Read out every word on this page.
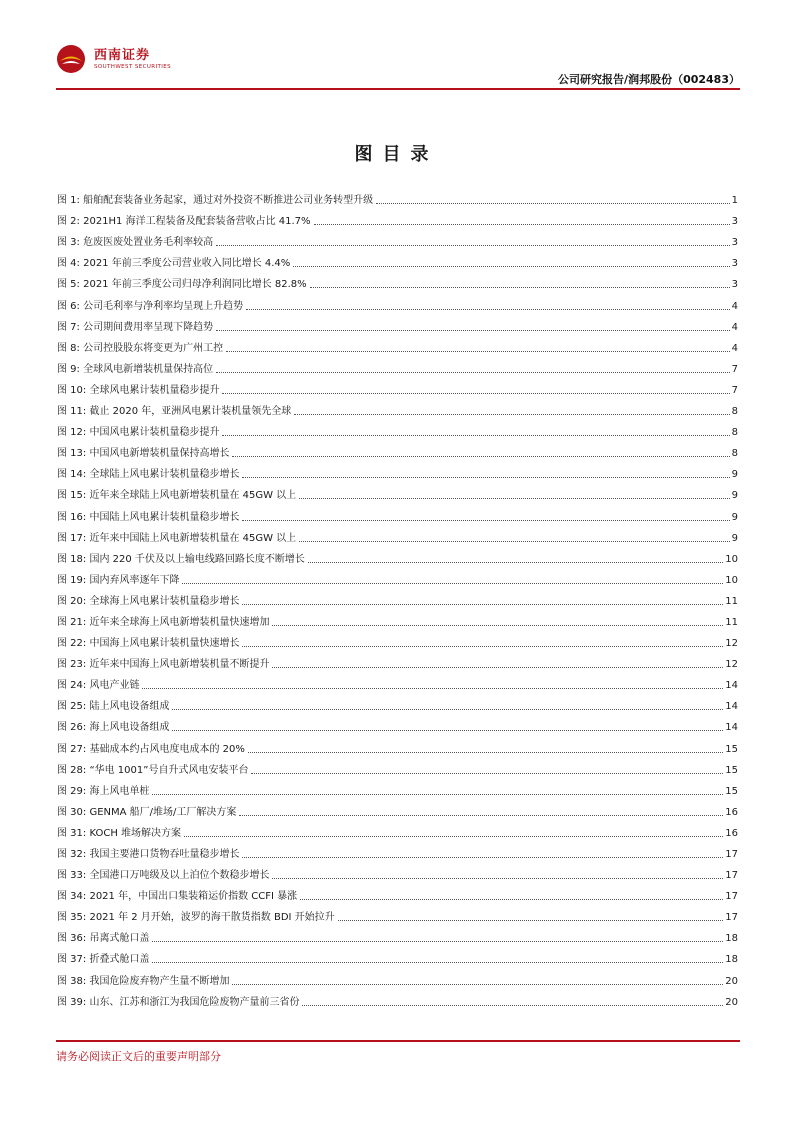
西南证券
SOUTHWEST SECURITIES
公司研究报告/润邦股份（002483）
图目录
图 1: 船舶配套装备业务起家，通过对外投资不断推进公司业务转型升级	1
图 2: 2021H1 海洋工程装备及配套装备营收占比 41.7%	3
图 3: 危废医废处置业务毛利率较高	3
图 4: 2021 年前三季度公司营业收入同比增长 4.4%	3
图 5: 2021 年前三季度公司归母净利润同比增长 82.8%	3
图 6: 公司毛利率与净利率均呈现上升趋势	4
图 7: 公司期间费用率呈现下降趋势	4
图 8: 公司控股股东将变更为广州工控	4
图 9: 全球风电新增装机量保持高位	7
图 10: 全球风电累计装机量稳步提升	7
图 11: 截止 2020 年，亚洲风电累计装机量领先全球	8
图 12: 中国风电累计装机量稳步提升	8
图 13: 中国风电新增装机量保持高增长	8
图 14: 全球陆上风电累计装机量稳步增长	9
图 15: 近年来全球陆上风电新增装机量在 45GW 以上	9
图 16: 中国陆上风电累计装机量稳步增长	9
图 17: 近年来中国陆上风电新增装机量在 45GW 以上	9
图 18: 国内 220 千伏及以上输电线路回路长度不断增长	10
图 19: 国内弃风率逐年下降	10
图 20: 全球海上风电累计装机量稳步增长	11
图 21: 近年来全球海上风电新增装机量快速增加	11
图 22: 中国海上风电累计装机量快速增长	12
图 23: 近年来中国海上风电新增装机量不断提升	12
图 24: 风电产业链	14
图 25: 陆上风电设备组成	14
图 26: 海上风电设备组成	14
图 27: 基础成本约占风电度电成本的 20%	15
图 28: “华电 1001”号自升式风电安装平台	15
图 29: 海上风电单桩	15
图 30: GENMA 船厂/堆场/工厂解决方案	16
图 31: KOCH 堆场解决方案	16
图 32: 我国主要港口货物吞吐量稳步增长	17
图 33: 全国港口万吨级及以上泊位个数稳步增长	17
图 34: 2021 年，中国出口集装箱运价指数 CCFI 暴涨	17
图 35: 2021 年 2 月开始，波罗的海干散货指数 BDI 开始拉升	17
图 36: 吊离式舱口盖	18
图 37: 折叠式舱口盖	18
图 38: 我国危险废弃物产生量不断增加	20
图 39: 山东、江苏和浙江为我国危险废物产量前三省份	20
请务必阅读正文后的重要声明部分
